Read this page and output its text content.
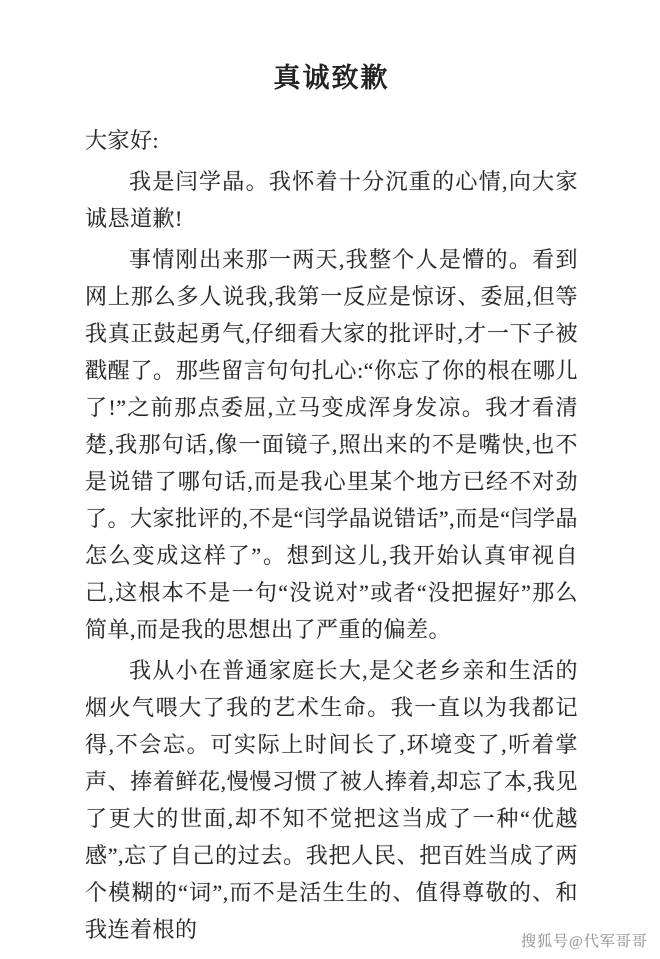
真诚致歉

大家好:

我是闫学晶。我怀着十分沉重的心情,向大家诚恳道歉!

事情刚出来那一两天,我整个人是懵的。看到网上那么多人说我,我第一反应是惊讶、委屈,但等我真正鼓起勇气,仔细看大家的批评时,才一下子被戳醒了。那些留言句句扎心:“你忘了你的根在哪儿了!”之前那点委屈,立马变成浑身发凉。我才看清楚,我那句话,像一面镜子,照出来的不是嘴快,也不是说错了哪句话,而是我心里某个地方已经不对劲了。大家批评的,不是“闫学晶说错话”,而是“闫学晶怎么变成这样了”。想到这儿,我开始认真审视自己,这根本不是一句“没说对”或者“没把握好”那么简单,而是我的思想出了严重的偏差。

我从小在普通家庭长大,是父老乡亲和生活的烟火气喂大了我的艺术生命。我一直以为我都记得,不会忘。可实际上时间长了,环境变了,听着掌声、捧着鲜花,慢慢习惯了被人捧着,却忘了本,我见了更大的世面,却不知不觉把这当成了一种“优越感”,忘了自己的过去。我把人民、把百姓当成了两个模糊的“词”,而不是活生生的、值得尊敬的、和我连着根的	搜狐号@代军哥哥
